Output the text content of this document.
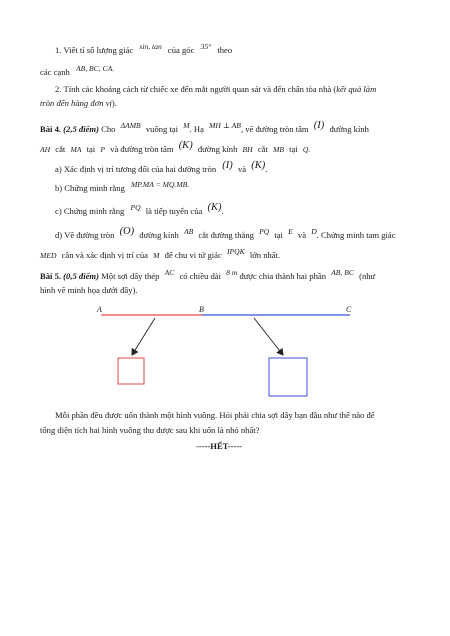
1. Viết tỉ số lượng giác sin, tan của góc 35° theo
các cạnh AB, BC, CA.
2. Tính các khoảng cách từ chiếc xe đến mắt người quan sát và đến chân tòa nhà (kết quả làm
tròn đến hàng đơn vị).
Bài 4. (2,5 điểm) Cho ΔAMB vuông tại M. Hạ MH ⊥ AB, vẽ đường tròn tâm (I) đường kính
AH cắt MA tại P và đường tròn tâm (K) đường kính BH cắt MB tại Q.
a) Xác định vị trí tương đối của hai đường tròn (I) và (K).
b) Chứng minh rằng MP.MA = MQ.MB.
c) Chứng minh rằng PQ là tiếp tuyến của (K).
d) Vẽ đường tròn (O) đường kính AB cắt đường thẳng PQ tại E và D. Chứng minh tam giác
MED cân và xác định vị trí của M để chu vi tứ giác IPQK lớn nhất.
Bài 5. (0,5 điểm) Một sợi dây thép AC có chiều dài 8 m được chia thành hai phần AB, BC (như
hình vẽ minh họa dưới đây).
A	B	C
Mỗi phần đều được uốn thành một hình vuông. Hỏi phải chia sợi dây bạn đầu như thế nào để
tổng diện tích hai hình vuông thu được sau khi uốn là nhỏ nhất?
-----HẾT-----
